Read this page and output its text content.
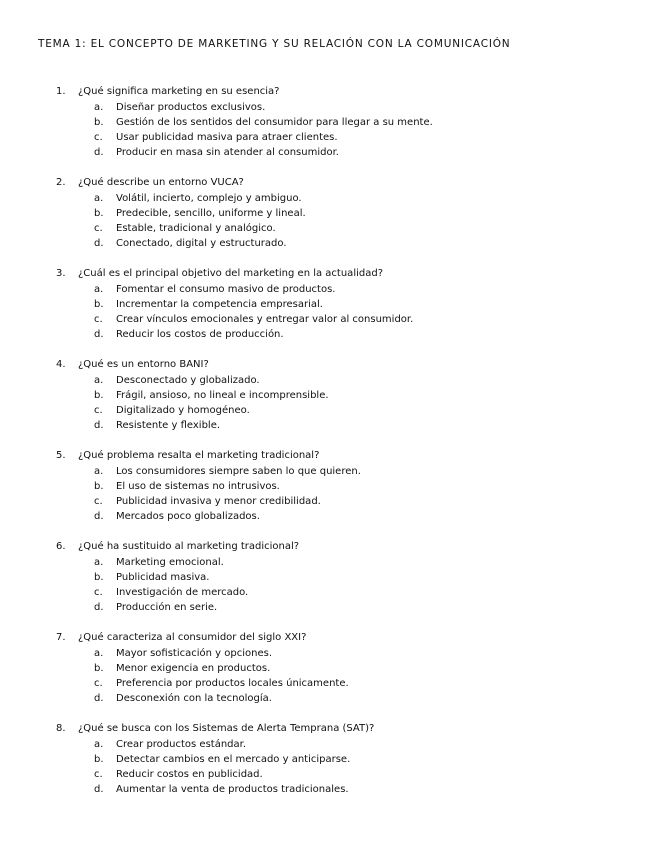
TEMA 1: EL CONCEPTO DE MARKETING Y SU RELACIÓN CON LA COMUNICACIÓN
1. ¿Qué significa marketing en su esencia?
a. Diseñar productos exclusivos.
b. Gestión de los sentidos del consumidor para llegar a su mente.
c. Usar publicidad masiva para atraer clientes.
d. Producir en masa sin atender al consumidor.
2. ¿Qué describe un entorno VUCA?
a. Volátil, incierto, complejo y ambiguo.
b. Predecible, sencillo, uniforme y lineal.
c. Estable, tradicional y analógico.
d. Conectado, digital y estructurado.
3. ¿Cuál es el principal objetivo del marketing en la actualidad?
a. Fomentar el consumo masivo de productos.
b. Incrementar la competencia empresarial.
c. Crear vínculos emocionales y entregar valor al consumidor.
d. Reducir los costos de producción.
4. ¿Qué es un entorno BANI?
a. Desconectado y globalizado.
b. Frágil, ansioso, no lineal e incomprensible.
c. Digitalizado y homogéneo.
d. Resistente y flexible.
5. ¿Qué problema resalta el marketing tradicional?
a. Los consumidores siempre saben lo que quieren.
b. El uso de sistemas no intrusivos.
c. Publicidad invasiva y menor credibilidad.
d. Mercados poco globalizados.
6. ¿Qué ha sustituido al marketing tradicional?
a. Marketing emocional.
b. Publicidad masiva.
c. Investigación de mercado.
d. Producción en serie.
7. ¿Qué caracteriza al consumidor del siglo XXI?
a. Mayor sofisticación y opciones.
b. Menor exigencia en productos.
c. Preferencia por productos locales únicamente.
d. Desconexión con la tecnología.
8. ¿Qué se busca con los Sistemas de Alerta Temprana (SAT)?
a. Crear productos estándar.
b. Detectar cambios en el mercado y anticiparse.
c. Reducir costos en publicidad.
d. Aumentar la venta de productos tradicionales.
